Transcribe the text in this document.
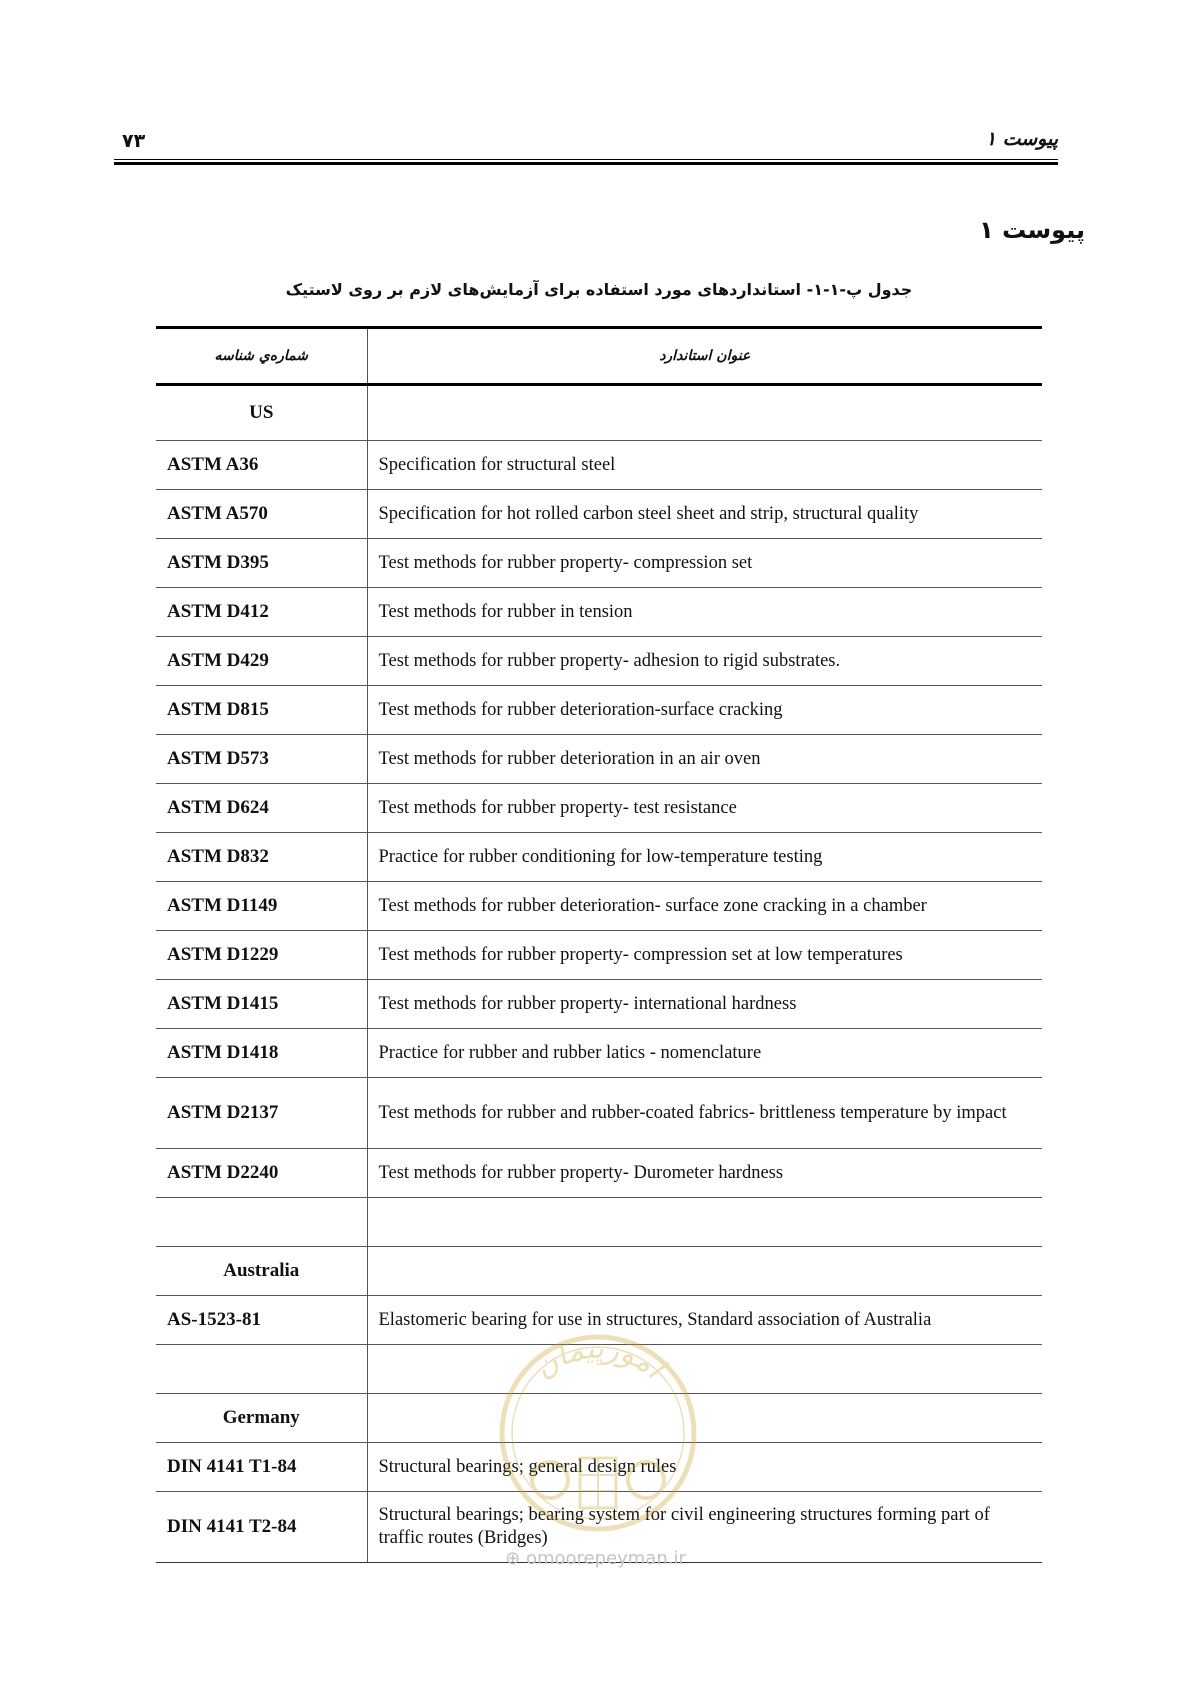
۷۳	پیوست ۱
پیوست ۱
جدول پ-۱-۱- استانداردهای مورد استفاده برای آزمایش‌های لازم بر روی لاستیک
شماره‌ي شناسه	عنوان استاندارد
US	
ASTM A36	Specification for structural steel
ASTM A570	Specification for hot rolled carbon steel sheet and strip, structural quality
ASTM D395	Test methods for rubber property- compression set
ASTM D412	Test methods for rubber in tension
ASTM D429	Test methods for rubber property- adhesion to rigid substrates.
ASTM D815	Test methods for rubber deterioration-surface cracking
ASTM D573	Test methods for rubber deterioration in an air oven
ASTM D624	Test methods for rubber property- test resistance
ASTM D832	Practice for rubber conditioning for low-temperature testing
ASTM D1149	Test methods for rubber deterioration- surface zone cracking in a chamber
ASTM D1229	Test methods for rubber property- compression set at low temperatures
ASTM D1415	Test methods for rubber property- international hardness
ASTM D1418	Practice for rubber and rubber latics - nomenclature
ASTM D2137	Test methods for rubber and rubber-coated fabrics- brittleness temperature by impact
ASTM D2240	Test methods for rubber property- Durometer hardness

Australia	
AS-1523-81	Elastomeric bearing for use in structures, Standard association of Australia

Germany	
DIN 4141 T1-84	Structural bearings; general design rules
DIN 4141 T2-84	Structural bearings; bearing system for civil engineering structures forming part of traffic routes (Bridges)
امورپیمان
⊕ omoorepeyman.ir
